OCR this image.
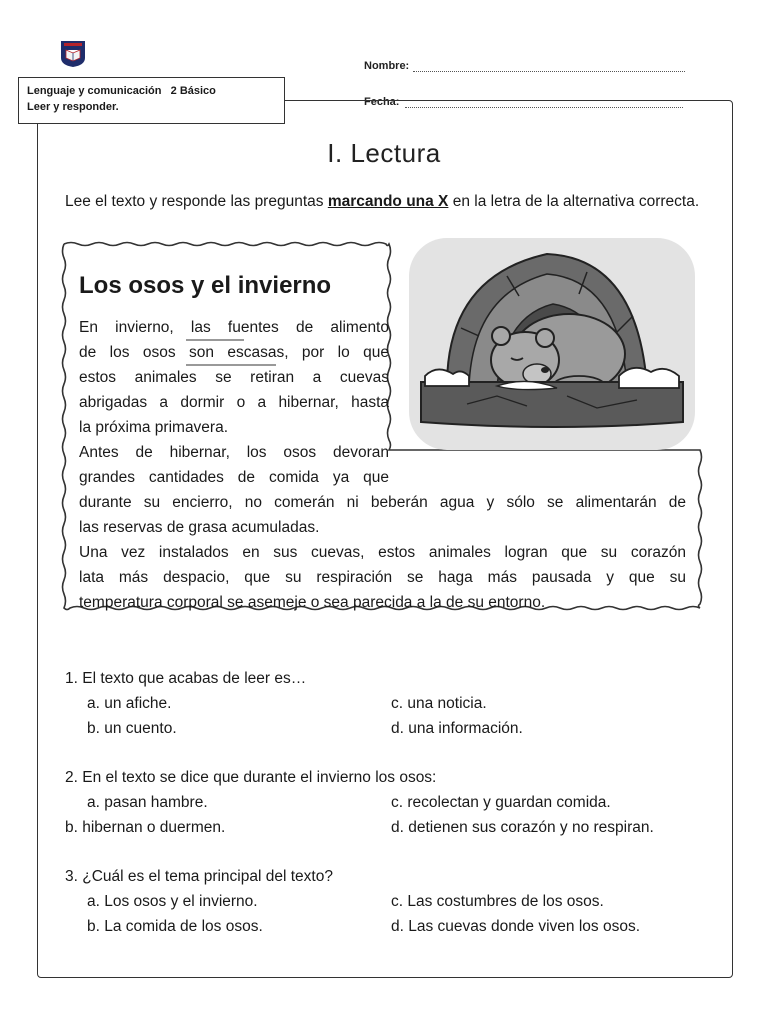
Nombre:
Fecha:
Lenguaje y comunicación   2 Básico
Leer y responder.
I. Lectura
Lee el texto y responde las preguntas marcando una X en la letra de la alternativa correcta.
Los osos y el invierno
En invierno, las fuentes de alimento
de los osos son escasas, por lo que
estos animales se retiran a cuevas
abrigadas a dormir o a hibernar, hasta
la próxima primavera.
Antes de hibernar, los osos devoran
grandes cantidades de comida ya que
durante su encierro, no comerán ni beberán agua y sólo se alimentarán de
las reservas de grasa acumuladas.
Una vez instalados en sus cuevas, estos animales logran que su corazón
lata más despacio, que su respiración se haga más pausada y que su
temperatura corporal se asemeje o sea parecida a la de su entorno.
1. El texto que acabas de leer es…
a. un afiche.
b. un cuento.
c. una noticia.
d. una información.
2. En el texto se dice que durante el invierno los osos:
a. pasan hambre.
b. hibernan o duermen.
c. recolectan y guardan comida.
d. detienen sus corazón y no respiran.
3. ¿Cuál es el tema principal del texto?
a. Los osos y el invierno.
b. La comida de los osos.
c. Las costumbres de los osos.
d. Las cuevas donde viven los osos.
